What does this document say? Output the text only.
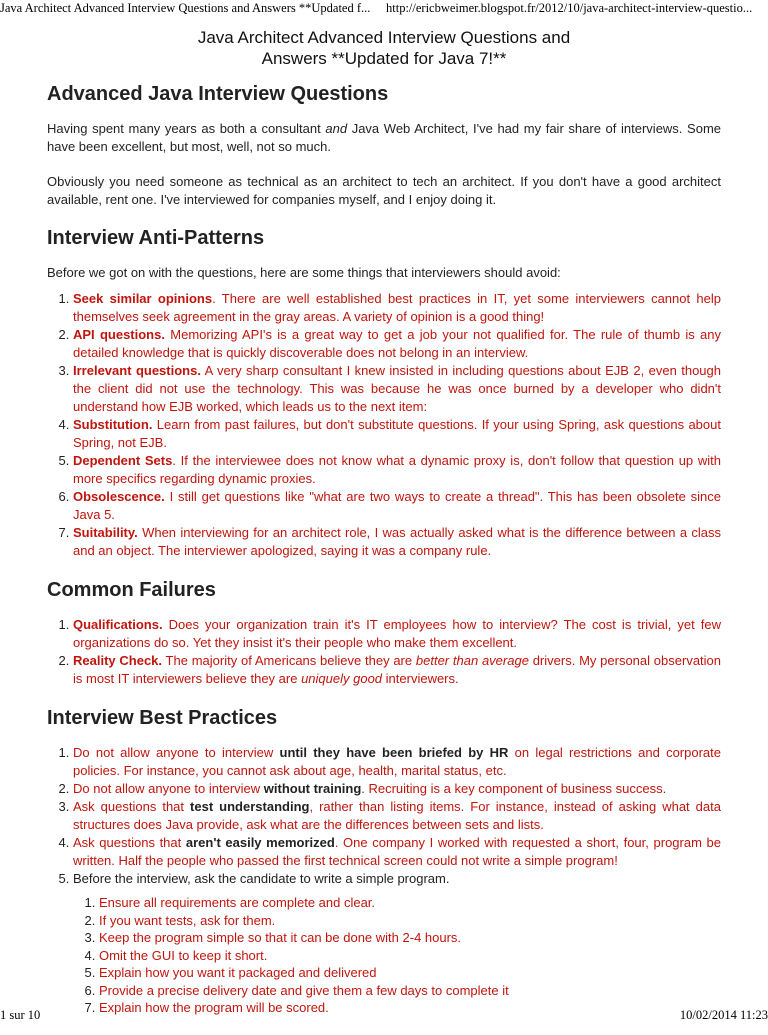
Java Architect Advanced Interview Questions and Answers **Updated f... http://ericbweimer.blogspot.fr/2012/10/java-architect-interview-questio...
Java Architect Advanced Interview Questions and
Answers **Updated for Java 7!**
Advanced Java Interview Questions

Having spent many years as both a consultant and Java Web Architect, I've had my fair share of interviews. Some have been excellent, but most, well, not so much.

Obviously you need someone as technical as an architect to tech an architect. If you don't have a good architect available, rent one. I've interviewed for companies myself, and I enjoy doing it.

Interview Anti-Patterns

Before we got on with the questions, here are some things that interviewers should avoid:

1. Seek similar opinions. There are well established best practices in IT, yet some interviewers cannot help themselves seek agreement in the gray areas. A variety of opinion is a good thing!
2. API questions. Memorizing API's is a great way to get a job your not qualified for. The rule of thumb is any detailed knowledge that is quickly discoverable does not belong in an interview.
3. Irrelevant questions. A very sharp consultant I knew insisted in including questions about EJB 2, even though the client did not use the technology. This was because he was once burned by a developer who didn't understand how EJB worked, which leads us to the next item:
4. Substitution. Learn from past failures, but don't substitute questions. If your using Spring, ask questions about Spring, not EJB.
5. Dependent Sets. If the interviewee does not know what a dynamic proxy is, don't follow that question up with more specifics regarding dynamic proxies.
6. Obsolescence. I still get questions like "what are two ways to create a thread". This has been obsolete since Java 5.
7. Suitability. When interviewing for an architect role, I was actually asked what is the difference between a class and an object. The interviewer apologized, saying it was a company rule.
Common Failures
1. Qualifications. Does your organization train it's IT employees how to interview? The cost is trivial, yet few organizations do so. Yet they insist it's their people who make them excellent.
2. Reality Check. The majority of Americans believe they are better than average drivers. My personal observation is most IT interviewers believe they are uniquely good interviewers.
Interview Best Practices
1. Do not allow anyone to interview until they have been briefed by HR on legal restrictions and corporate policies. For instance, you cannot ask about age, health, marital status, etc.
2. Do not allow anyone to interview without training. Recruiting is a key component of business success.
3. Ask questions that test understanding, rather than listing items. For instance, instead of asking what data structures does Java provide, ask what are the differences between sets and lists.
4. Ask questions that aren't easily memorized. One company I worked with requested a short, four, program be written. Half the people who passed the first technical screen could not write a simple program!
5. Before the interview, ask the candidate to write a simple program.
1. Ensure all requirements are complete and clear.
2. If you want tests, ask for them.
3. Keep the program simple so that it can be done with 2-4 hours.
4. Omit the GUI to keep it short.
5. Explain how you want it packaged and delivered
6. Provide a precise delivery date and give them a few days to complete it
7. Explain how the program will be scored.
1 sur 10	10/02/2014 11:23
